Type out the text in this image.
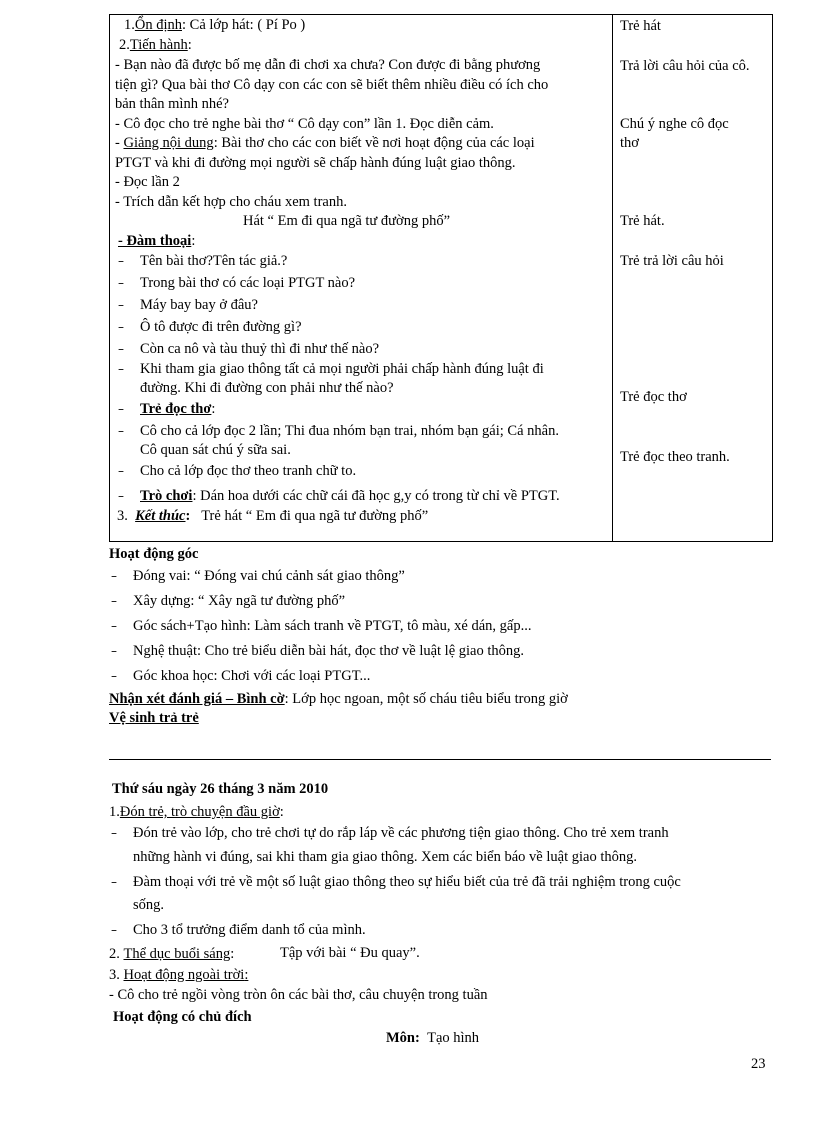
1.Ổn định: Cả lớp hát: ( Pí Po )
2.Tiến hành:
- Bạn nào đã được bố mẹ dẫn đi chơi xa chưa? Con được đi bằng phương
tiện gì? Qua bài thơ Cô dạy con các con sẽ biết thêm nhiều điều có ích cho
bản thân mình nhé?
- Cô đọc cho trẻ nghe bài thơ “ Cô dạy con” lần 1. Đọc diễn cảm.
- Giảng nội dung: Bài thơ cho các con biết về nơi hoạt động của các loại
PTGT và khi đi đường mọi người sẽ chấp hành đúng luật giao thông.
- Đọc lần 2
- Trích dẫn kết hợp cho cháu xem tranh.
Hát “ Em đi qua ngã tư đường phố”
- Đàm thoại:
– Tên bài thơ?Tên tác giả.?
– Trong bài thơ có các loại PTGT nào?
– Máy bay bay ở đâu?
– Ô tô được đi trên đường gì?
– Còn ca nô và tàu thuỷ thì đi như thế nào?
– Khi tham gia giao thông tất cả mọi người phải chấp hành đúng luật đi
đường. Khi đi đường con phải như thế nào?
– Trẻ đọc thơ:
– Cô cho cả lớp đọc 2 lần; Thi đua nhóm bạn trai, nhóm bạn gái; Cá nhân.
Cô quan sát chú ý sữa sai.
– Cho cả lớp đọc thơ theo tranh chữ to.
– Trò chơi: Dán hoa dưới các chữ cái đã học g,y có trong từ chỉ về PTGT.
3. Kết thúc: Trẻ hát “ Em đi qua ngã tư đường phố”
Trẻ hát
Trả lời câu hỏi của cô.
Chú ý nghe cô đọc
thơ
Trẻ hát.
Trẻ trả lời câu hỏi
Trẻ đọc thơ
Trẻ đọc theo tranh.
Hoạt động góc
– Đóng vai: “ Đóng vai chú cảnh sát giao thông”
– Xây dựng: “ Xây ngã tư đường phố”
– Góc sách+Tạo hình: Làm sách tranh về PTGT, tô màu, xé dán, gấp...
– Nghệ thuật: Cho trẻ biểu diễn bài hát, đọc thơ về luật lệ giao thông.
– Góc khoa học: Chơi với các loại PTGT...
Nhận xét đánh giá – Bình cờ: Lớp học ngoan, một số cháu tiêu biểu trong giờ
Vệ sinh trả trẻ
Thứ sáu ngày 26 tháng 3 năm 2010
1.Đón trẻ, trò chuyện đầu giờ:
– Đón trẻ vào lớp, cho trẻ chơi tự do rắp láp về các phương tiện giao thông. Cho trẻ xem tranh
những hành vi đúng, sai khi tham gia giao thông. Xem các biển báo về luật giao thông.
– Đàm thoại với trẻ về một số luật giao thông theo sự hiểu biết của trẻ đã trải nghiệm trong cuộc
sống.
– Cho 3 tổ trưởng điểm danh tổ của mình.
2. Thể dục buổi sáng:	Tập với bài “ Đu quay”.
3. Hoạt động ngoài trời:
- Cô cho trẻ ngồi vòng tròn ôn các bài thơ, câu chuyện trong tuần
Hoạt động có chủ đích
Môn: Tạo hình
23
